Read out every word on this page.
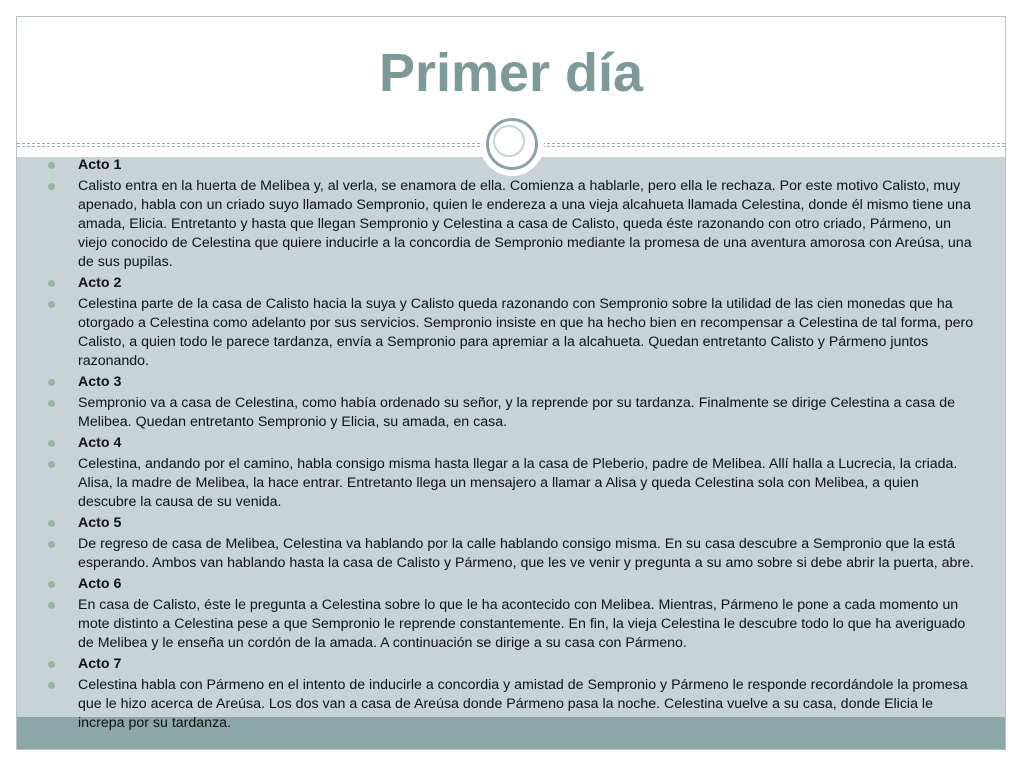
Primer día
Acto 1
Calisto entra en la huerta de Melibea y, al verla, se enamora de ella. Comienza a hablarle, pero ella le rechaza. Por este motivo Calisto, muy apenado, habla con un criado suyo llamado Sempronio, quien le endereza a una vieja alcahueta llamada Celestina, donde él mismo tiene una amada, Elicia. Entretanto y hasta que llegan Sempronio y Celestina a casa de Calisto, queda éste razonando con otro criado, Pármeno, un viejo conocido de Celestina que quiere inducirle a la concordia de Sempronio mediante la promesa de una aventura amorosa con Areúsa, una de sus pupilas.
Acto 2
Celestina parte de la casa de Calisto hacia la suya y Calisto queda razonando con Sempronio sobre la utilidad de las cien monedas que ha otorgado a Celestina como adelanto por sus servicios. Sempronio insiste en que ha hecho bien en recompensar a Celestina de tal forma, pero Calisto, a quien todo le parece tardanza, envía a Sempronio para apremiar a la alcahueta. Quedan entretanto Calisto y Pármeno juntos razonando.
Acto 3
Sempronio va a casa de Celestina, como había ordenado su señor, y la reprende por su tardanza. Finalmente se dirige Celestina a casa de Melibea. Quedan entretanto Sempronio y Elicia, su amada, en casa.
Acto 4
Celestina, andando por el camino, habla consigo misma hasta llegar a la casa de Pleberio, padre de Melibea. Allí halla a Lucrecia, la criada. Alisa, la madre de Melibea, la hace entrar. Entretanto llega un mensajero a llamar a Alisa y queda Celestina sola con Melibea, a quien descubre la causa de su venida.
Acto 5
De regreso de casa de Melibea, Celestina va hablando por la calle hablando consigo misma. En su casa descubre a Sempronio que la está esperando. Ambos van hablando hasta la casa de Calisto y Pármeno, que les ve venir y pregunta a su amo sobre si debe abrir la puerta, abre.
Acto 6
En casa de Calisto, éste le pregunta a Celestina sobre lo que le ha acontecido con Melibea. Mientras, Pármeno le pone a cada momento un mote distinto a Celestina pese a que Sempronio le reprende constantemente. En fin, la vieja Celestina le descubre todo lo que ha averiguado de Melibea y le enseña un cordón de la amada. A continuación se dirige a su casa con Pármeno.
Acto 7
Celestina habla con Pármeno en el intento de inducirle a concordia y amistad de Sempronio y Pármeno le responde recordándole la promesa que le hizo acerca de Areúsa. Los dos van a casa de Areúsa donde Pármeno pasa la noche. Celestina vuelve a su casa, donde Elicia le increpa por su tardanza.
